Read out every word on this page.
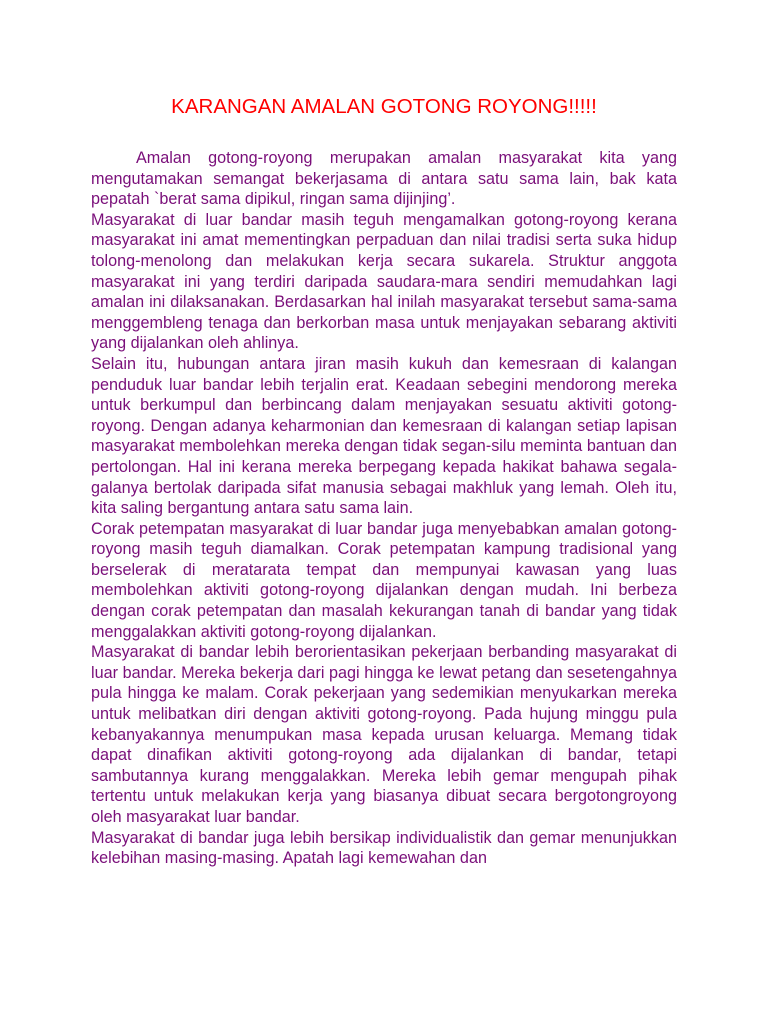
KARANGAN AMALAN GOTONG ROYONG!!!!!

Amalan gotong-royong merupakan amalan masyarakat kita yang mengutamakan semangat bekerjasama di antara satu sama lain, bak kata pepatah `berat sama dipikul, ringan sama dijinjing’.

Masyarakat di luar bandar masih teguh mengamalkan gotong-royong kerana masyarakat ini amat mementingkan perpaduan dan nilai tradisi serta suka hidup tolong-menolong dan melakukan kerja secara sukarela. Struktur anggota masyarakat ini yang terdiri daripada saudara-mara sendiri memudahkan lagi amalan ini dilaksanakan. Berdasarkan hal inilah masyarakat tersebut sama-sama menggembleng tenaga dan berkorban masa untuk menjayakan sebarang aktiviti yang dijalankan oleh ahlinya.

Selain itu, hubungan antara jiran masih kukuh dan kemesraan di kalangan penduduk luar bandar lebih terjalin erat. Keadaan sebegini mendorong mereka untuk berkumpul dan berbincang dalam menjayakan sesuatu aktiviti gotong-royong. Dengan adanya keharmonian dan kemesraan di kalangan setiap lapisan masyarakat membolehkan mereka dengan tidak segan-silu meminta bantuan dan pertolongan. Hal ini kerana mereka berpegang kepada hakikat bahawa segala-galanya bertolak daripada sifat manusia sebagai makhluk yang lemah. Oleh itu, kita saling bergantung antara satu sama lain.

Corak petempatan masyarakat di luar bandar juga menyebabkan amalan gotong-royong masih teguh diamalkan. Corak petempatan kampung tradisional yang berselerak di meratarata tempat dan mempunyai kawasan yang luas membolehkan aktiviti gotong-royong dijalankan dengan mudah. Ini berbeza dengan corak petempatan dan masalah kekurangan tanah di bandar yang tidak menggalakkan aktiviti gotong-royong dijalankan.

Masyarakat di bandar lebih berorientasikan pekerjaan berbanding masyarakat di luar bandar. Mereka bekerja dari pagi hingga ke lewat petang dan sesetengahnya pula hingga ke malam. Corak pekerjaan yang sedemikian menyukarkan mereka untuk melibatkan diri dengan aktiviti gotong-royong. Pada hujung minggu pula kebanyakannya menumpukan masa kepada urusan keluarga. Memang tidak dapat dinafikan aktiviti gotong-royong ada dijalankan di bandar, tetapi sambutannya kurang menggalakkan. Mereka lebih gemar mengupah pihak tertentu untuk melakukan kerja yang biasanya dibuat secara bergotongroyong oleh masyarakat luar bandar.

Masyarakat di bandar juga lebih bersikap individualistik dan gemar menunjukkan kelebihan masing-masing. Apatah lagi kemewahan dan
